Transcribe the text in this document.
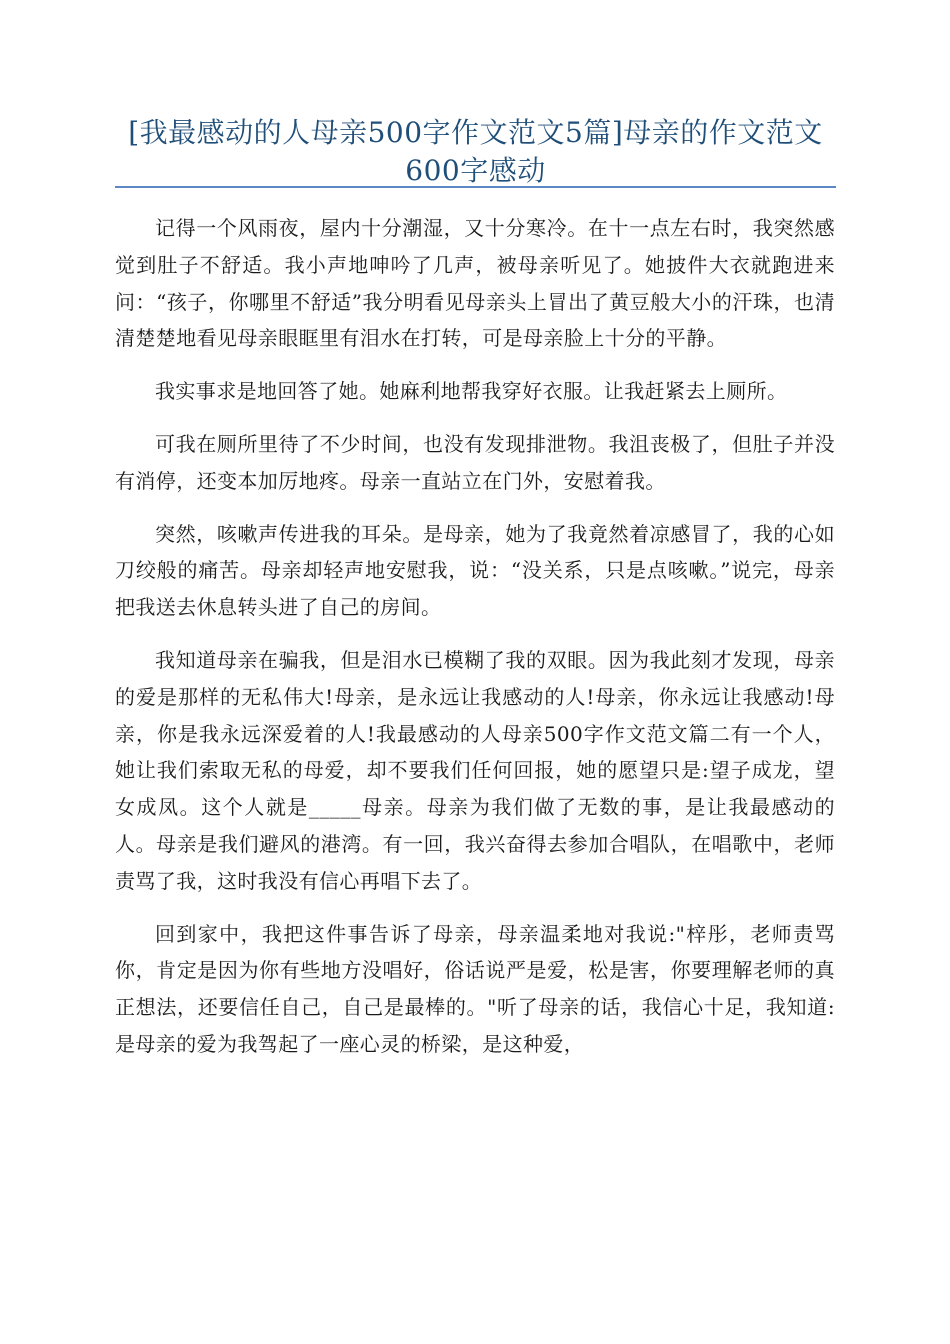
[我最感动的人母亲500字作文范文5篇]母亲的作文范文600字感动

记得一个风雨夜，屋内十分潮湿，又十分寒冷。在十一点左右时，我突然感觉到肚子不舒适。我小声地呻吟了几声，被母亲听见了。她披件大衣就跑进来问：“孩子，你哪里不舒适”我分明看见母亲头上冒出了黄豆般大小的汗珠，也清清楚楚地看见母亲眼眶里有泪水在打转，可是母亲脸上十分的平静。

我实事求是地回答了她。她麻利地帮我穿好衣服。让我赶紧去上厕所。

可我在厕所里待了不少时间，也没有发现排泄物。我沮丧极了，但肚子并没有消停，还变本加厉地疼。母亲一直站立在门外，安慰着我。

突然，咳嗽声传进我的耳朵。是母亲，她为了我竟然着凉感冒了，我的心如刀绞般的痛苦。母亲却轻声地安慰我，说：“没关系，只是点咳嗽。”说完，母亲把我送去休息转头进了自己的房间。

我知道母亲在骗我，但是泪水已模糊了我的双眼。因为我此刻才发现，母亲的爱是那样的无私伟大!母亲，是永远让我感动的人!母亲，你永远让我感动!母亲，你是我永远深爱着的人!我最感动的人母亲500字作文范文篇二有一个人，她让我们索取无私的母爱，却不要我们任何回报，她的愿望只是:望子成龙，望女成凤。这个人就是_____母亲。母亲为我们做了无数的事，是让我最感动的人。母亲是我们避风的港湾。有一回，我兴奋得去参加合唱队，在唱歌中，老师责骂了我，这时我没有信心再唱下去了。

回到家中，我把这件事告诉了母亲，母亲温柔地对我说:"梓彤，老师责骂你，肯定是因为你有些地方没唱好，俗话说严是爱，松是害，你要理解老师的真正想法，还要信任自己，自己是最棒的。"听了母亲的话，我信心十足，我知道:是母亲的爱为我驾起了一座心灵的桥梁，是这种爱，
